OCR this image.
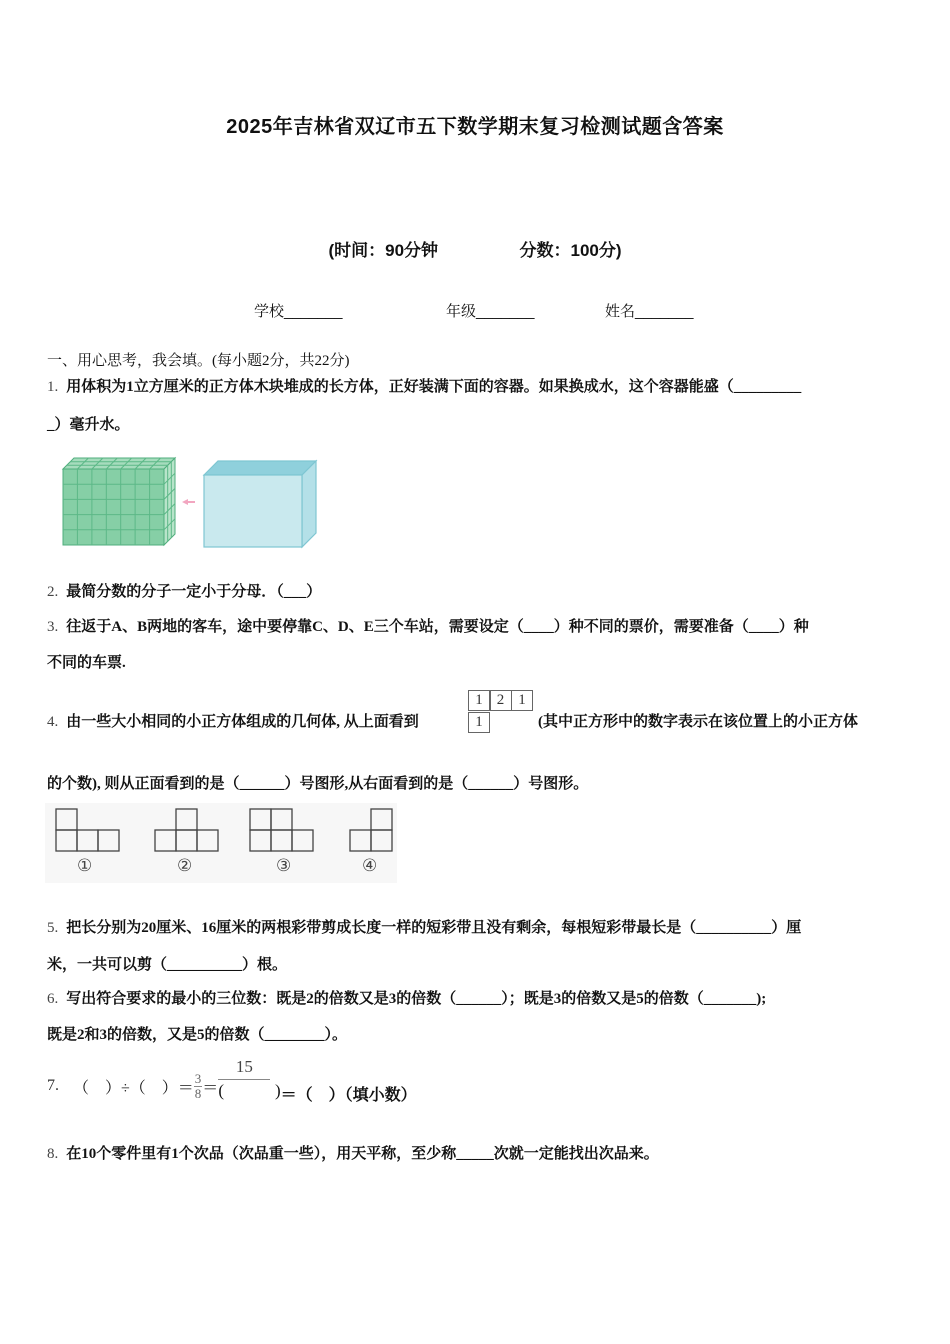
2025年吉林省双辽市五下数学期末复习检测试题含答案
(时间：90分钟	分数：100分)
学校_______	年级_______	姓名_______
一、用心思考，我会填。(每小题2分，共22分)
1. 用体积为1立方厘米的正方体木块堆成的长方体，正好装满下面的容器。如果换成水，这个容器能盛（_________
_）毫升水。
2. 最简分数的分子一定小于分母．（___）
3. 往返于A、B两地的客车，途中要停靠C、D、E三个车站，需要设定（____）种不同的票价，需要准备（____）种
不同的车票.
4. 由一些大小相同的小正方体组成的几何体, 从上面看到
1 2 1
1	(其中正方形中的数字表示在该位置上的小正方体
的个数), 则从正面看到的是（______）号图形,从右面看到的是（______）号图形。
①	②	③	④
5. 把长分别为20厘米、16厘米的两根彩带剪成长度一样的短彩带且没有剩余，每根短彩带最长是（__________）厘
米，一共可以剪（__________）根。
6. 写出符合要求的最小的三位数：既是2的倍数又是3的倍数（______）；既是3的倍数又是5的倍数（_______);
既是2和3的倍数，又是5的倍数（________）。
7. （　）÷（　）＝ $\frac{3}{8} = \frac{15}{( )}$ ＝（　）（填小数）
8. 在10个零件里有1个次品（次品重一些），用天平称，至少称_____次就一定能找出次品来。
